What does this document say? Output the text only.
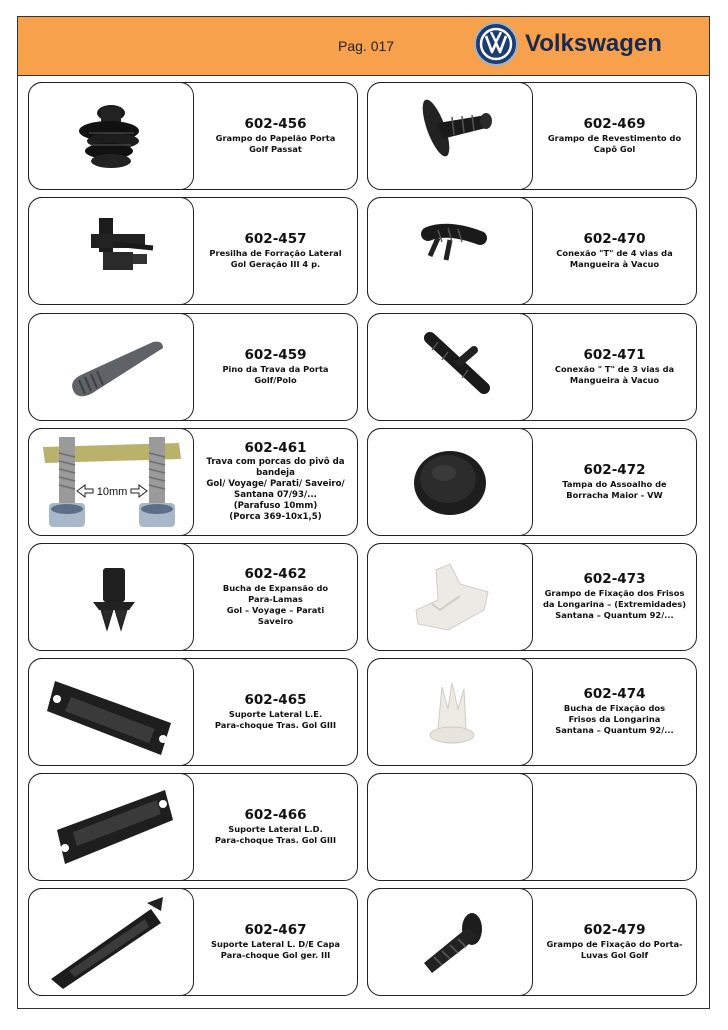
Pag. 017	Volkswagen
602-456
Grampo do Papelão Porta
Golf Passat
602-469
Grampo de Revestimento do
Capô Gol
602-457
Presilha de Forração Lateral
Gol Geração III 4 p.
602-470
Conexão "T" de 4 vias da
Mangueira à Vacuo
602-459
Pino da Trava da Porta
Golf/Polo
602-471
Conexão " T" de 3 vias da
Mangueira à Vacuo
10mm
602-461
Trava com porcas do pivô da
bandeja
Gol/ Voyage/ Parati/ Saveiro/
Santana 07/93/...
(Parafuso 10mm)
(Porca 369-10x1,5)
602-472
Tampa do Assoalho de
Borracha Maior - VW
602-462
Bucha de Expansão do
Para-Lamas
Gol – Voyage – Parati
Saveiro
602-473
Grampo de Fixação dos Frisos
da Longarina – (Extremidades)
Santana – Quantum 92/...
602-465
Suporte Lateral L.E.
Para-choque Tras. Gol GIII
602-474
Bucha de Fixação dos
Frisos da Longarina
Santana – Quantum 92/...
602-466
Suporte Lateral L.D.
Para-choque Tras. Gol GIII
602-467
Suporte Lateral L. D/E Capa
Para-choque Gol ger. III
602-479
Grampo de Fixação do Porta-
Luvas Gol Golf
